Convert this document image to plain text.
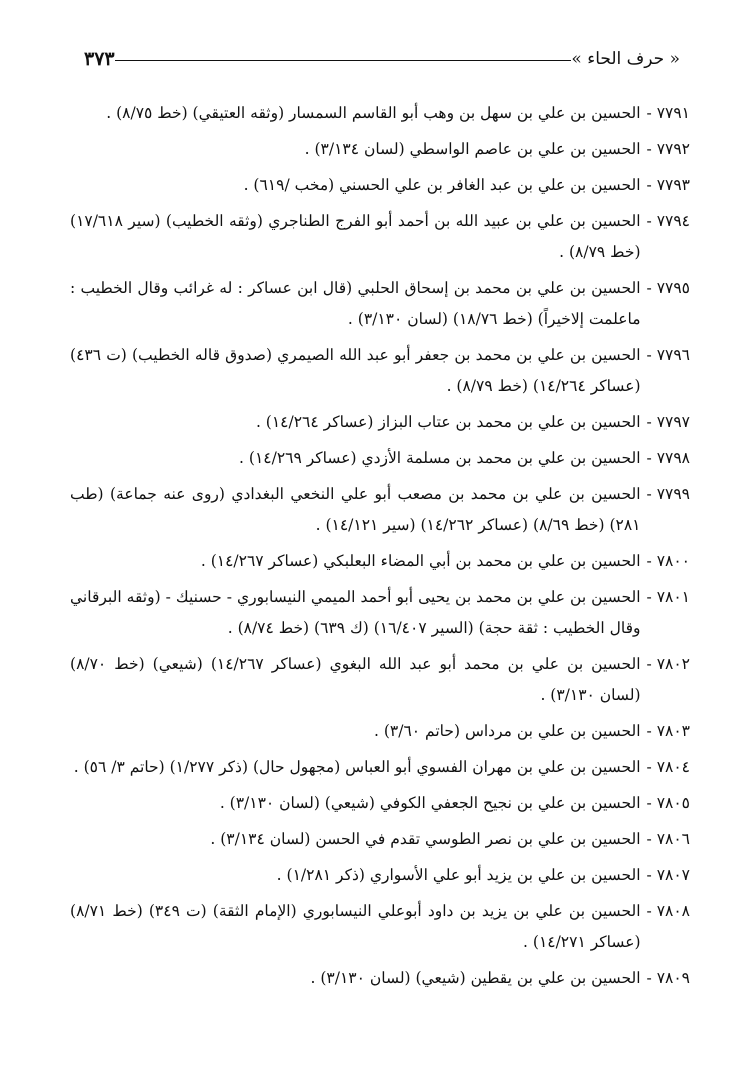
« حرف الحاء »
٣٧٣
٧٧٩١ -
الحسين بن علي بن سهل بن وهب أبو القاسم السمسار (وثقه العتيقي) (خط ٨/٧٥) .
٧٧٩٢ -
الحسين بن علي بن عاصم الواسطي (لسان ٣/١٣٤) .
٧٧٩٣ -
الحسين بن علي بن عبد الغافر بن علي الحسني (مخب /٦١٩) .
٧٧٩٤ -
الحسين بن علي بن عبيد الله بن أحمد أبو الفرج الطناجري (وثقه الخطيب) (سير ١٧/٦١٨) (خط ٨/٧٩) .
٧٧٩٥ -
الحسين بن علي بن محمد بن إسحاق الحلبي (قال ابن عساكر : له غرائب وقال الخطيب : ماعلمت إلاخيراً) (خط ١٨/٧٦) (لسان ٣/١٣٠) .
٧٧٩٦ -
الحسين بن علي بن محمد بن جعفر أبو عبد الله الصيمري (صدوق قاله الخطيب) (ت ٤٣٦) (عساكر ١٤/٢٦٤) (خط ٨/٧٩) .
٧٧٩٧ -
الحسين بن علي بن محمد بن عتاب البزاز (عساكر ١٤/٢٦٤) .
٧٧٩٨ -
الحسين بن علي بن محمد بن مسلمة الأزدي (عساكر ١٤/٢٦٩) .
٧٧٩٩ -
الحسين بن علي بن محمد بن مصعب أبو علي النخعي البغدادي (روى عنه جماعة) (طب ٢٨١) (خط ٨/٦٩) (عساكر ١٤/٢٦٢) (سير ١٤/١٢١) .
٧٨٠٠ -
الحسين بن علي بن محمد بن أبي المضاء البعلبكي (عساكر ١٤/٢٦٧) .
٧٨٠١ -
الحسين بن علي بن محمد بن يحيى أبو أحمد الميمي النيسابوري - حسنيك - (وثقه البرقاني وقال الخطيب : ثقة حجة) (السير ١٦/٤٠٧) (ك ٦٣٩) (خط ٨/٧٤) .
٧٨٠٢ -
الحسين بن علي بن محمد أبو عبد الله البغوي (عساكر ١٤/٢٦٧) (شيعي) (خط ٨/٧٠) (لسان ٣/١٣٠) .
٧٨٠٣ -
الحسين بن علي بن مرداس (حاتم ٣/٦٠) .
٧٨٠٤ -
الحسين بن علي بن مهران الفسوي أبو العباس (مجهول حال) (ذكر ١/٢٧٧) (حاتم ٣/ ٥٦) .
٧٨٠٥ -
الحسين بن علي بن نجيح الجعفي الكوفي (شيعي) (لسان ٣/١٣٠) .
٧٨٠٦ -
الحسين بن علي بن نصر الطوسي تقدم في الحسن (لسان ٣/١٣٤) .
٧٨٠٧ -
الحسين بن علي بن يزيد أبو علي الأسواري (ذكر ١/٢٨١) .
٧٨٠٨ -
الحسين بن علي بن يزيد بن داود أبوعلي النيسابوري (الإمام الثقة) (ت ٣٤٩) (خط ٨/٧١) (عساكر ١٤/٢٧١) .
٧٨٠٩ -
الحسين بن علي بن يقطين (شيعي) (لسان ٣/١٣٠) .
